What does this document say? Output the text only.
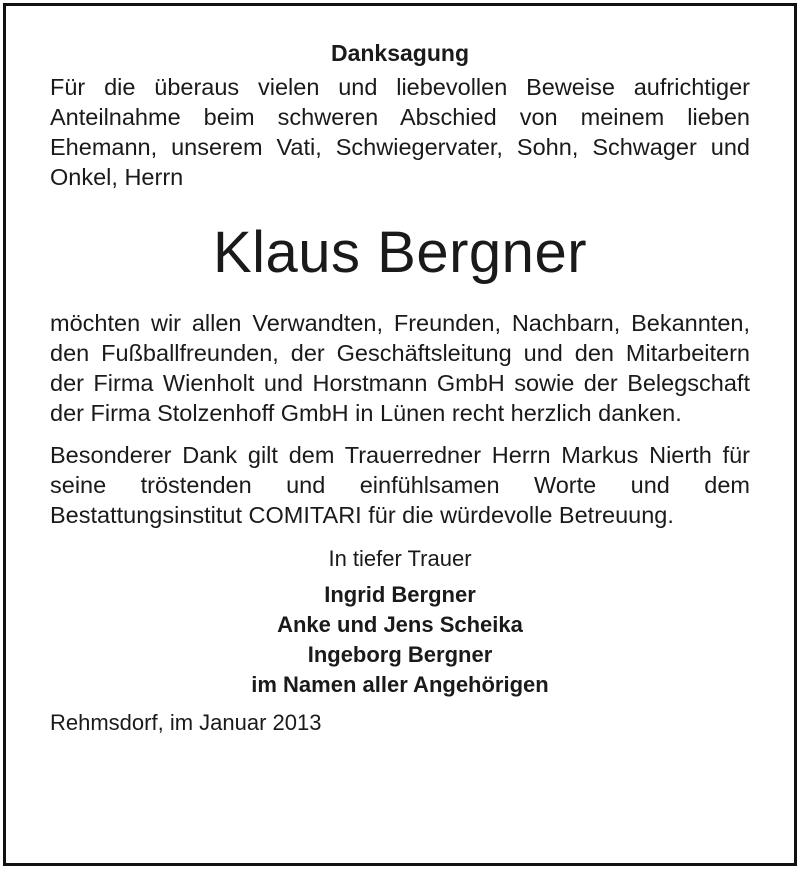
Danksagung

Für die überaus vielen und liebevollen Beweise aufrichtiger Anteilnahme beim schweren Abschied von meinem lieben Ehemann, unserem Vati, Schwiegervater, Sohn, Schwager und Onkel, Herrn

Klaus Bergner

möchten wir allen Verwandten, Freunden, Nachbarn, Bekannten, den Fußballfreunden, der Geschäftsleitung und den Mitarbeitern der Firma Wienholt und Horstmann GmbH sowie der Belegschaft der Firma Stolzenhoff GmbH in Lünen recht herzlich danken.

Besonderer Dank gilt dem Trauerredner Herrn Markus Nierth für seine tröstenden und einfühlsamen Worte und dem Bestattungsinstitut COMITARI für die würdevolle Betreuung.

In tiefer Trauer
Ingrid Bergner
Anke und Jens Scheika
Ingeborg Bergner
im Namen aller Angehörigen
Rehmsdorf, im Januar 2013
